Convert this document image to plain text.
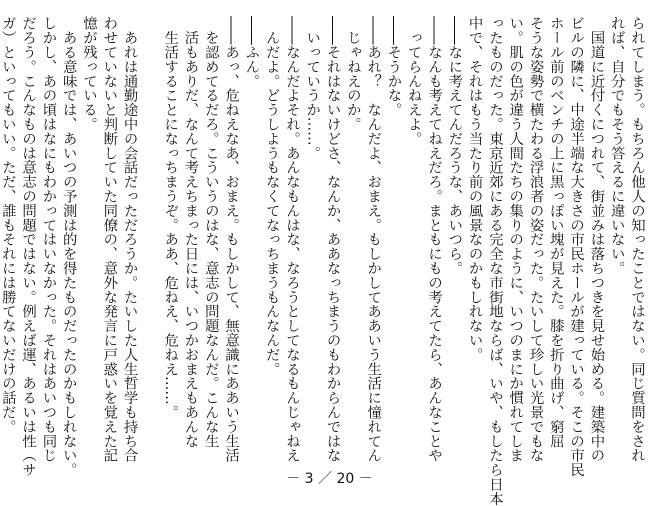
られてしまう。もちろん他人の知ったことではない。同じ質問をされ
れば、自分でもそう答えるに違いない。
　国道に近付くにつれて、街並みは落ちつきを見せ始める。建築中の
ビルの隣に、中途半端な大きさの市民ホールが建っている。そこの市民
ホール前のベンチの上に黒っぽい塊が見えた。膝を折り曲げ、窮屈
そうな姿勢で横たわる浮浪者の姿だった。たいして珍しい光景でもな
い。肌の色が違う人間たちの集りのように、いつのまにか慣れてしま
ったものだった。東京近郊にある完全な市街地ならば、いや、もしたら日本
中で、それはもう当たり前の風景なのかもしれない。
――なに考えてんだろうな、あいつら。
――なんも考えてねえだろ。まともにもの考えてたら、あんなことや
　ってらんねえよ。
――そうかな。
――あれ？　なんだよ、おまえ。もしかしてああいう生活に憧れてん
　じゃねえのか。
――それはないけどさ、なんか、ああなっちまうのもわからんではな
　いっていうか……。
――なんだよそれ。あんなもんはな、なろうとしてなるもんじゃねえ
　んだよ。どうしようもなくてなっちまうもんなんだ。
――ふん。
――あっ、危ねえなあ、おまえ。もしかして、無意識にああいう生活
　を認めてるだろ。こういうのはな、意志の問題なんだ。こんな生
　活もありだ、なんて考えちまった日には、いつかおまえもあんな
　生活することになっちまうぞ。ああ、危ねえ、危ねえ……。

　あれは通勤途中の会話だっただろうか。たいした人生哲学も持ち合
わせていないと判断していた同僚の、意外な発言に戸惑いを覚えた記
憶が残っている。
　ある意味では、あいつの予測は的を得たものだったのかもしれない。
しかし、あの頃はなにもわかってはいなかった。それはあいつも同じ
だろう。こんなものは意志の問題ではない。例えば運、あるいは性（サ
ガ）といってもいい。ただ、誰もそれには勝てないだけの話だ。
－ 3 ／ 20 －
